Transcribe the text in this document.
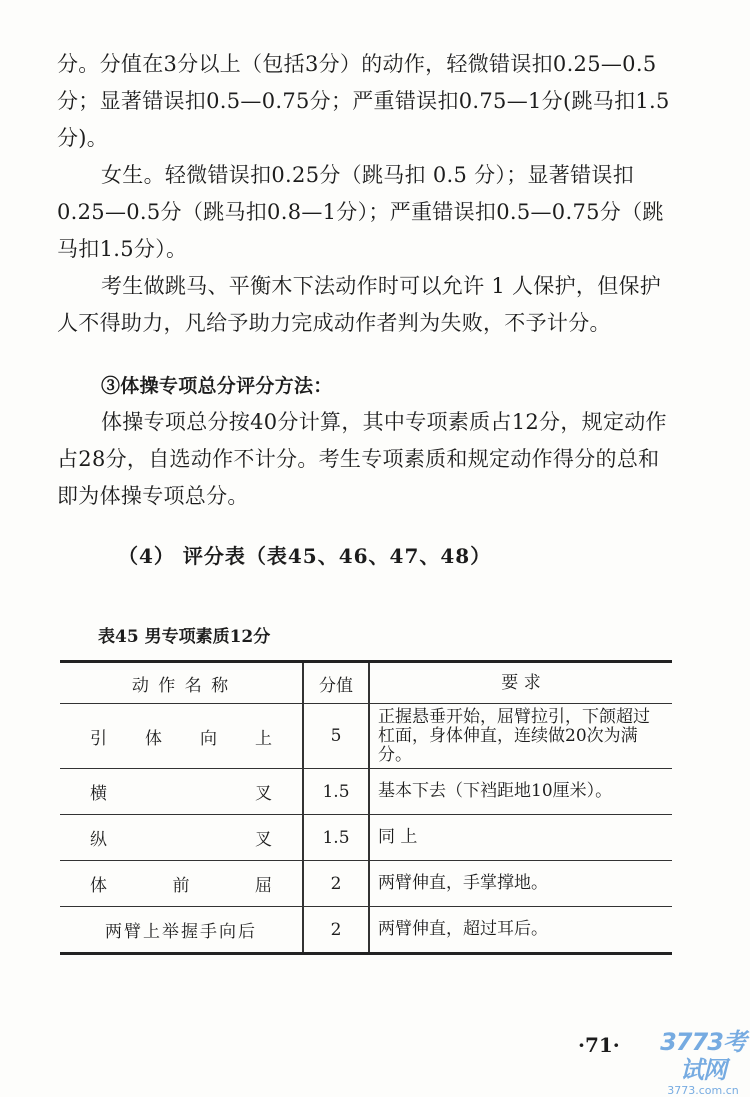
分。分值在3分以上（包括3分）的动作，轻微错误扣0.25—0.5分；显著错误扣0.5—0.75分；严重错误扣0.75—1分(跳马扣1.5分)。

女生。轻微错误扣0.25分（跳马扣 0.5 分）；显著错误扣0.25—0.5分（跳马扣0.8—1分）；严重错误扣0.5—0.75分（跳马扣1.5分）。

考生做跳马、平衡木下法动作时可以允许 1 人保护，但保护人不得助力，凡给予助力完成动作者判为失败，不予计分。

③体操专项总分评分方法：

体操专项总分按40分计算，其中专项素质占12分，规定动作占28分，自选动作不计分。考生专项素质和规定动作得分的总和即为体操专项总分。

（4） 评分表（表45、46、47、48）
表45 男专项素质12分
动 作 名 称	分值	要 求

引 体 向 上	5	正握悬垂开始，屈臂拉引，下颌超过杠面，身体伸直，连续做20次为满分。

横 叉	1.5	基本下去（下裆距地10厘米）。

纵 叉	1.5	同 上

体 前 屈	2	两臂伸直，手掌撑地。
两臂上举握手向后	2	两臂伸直，超过耳后。
·71· 3773考试网
3773.com.cn
